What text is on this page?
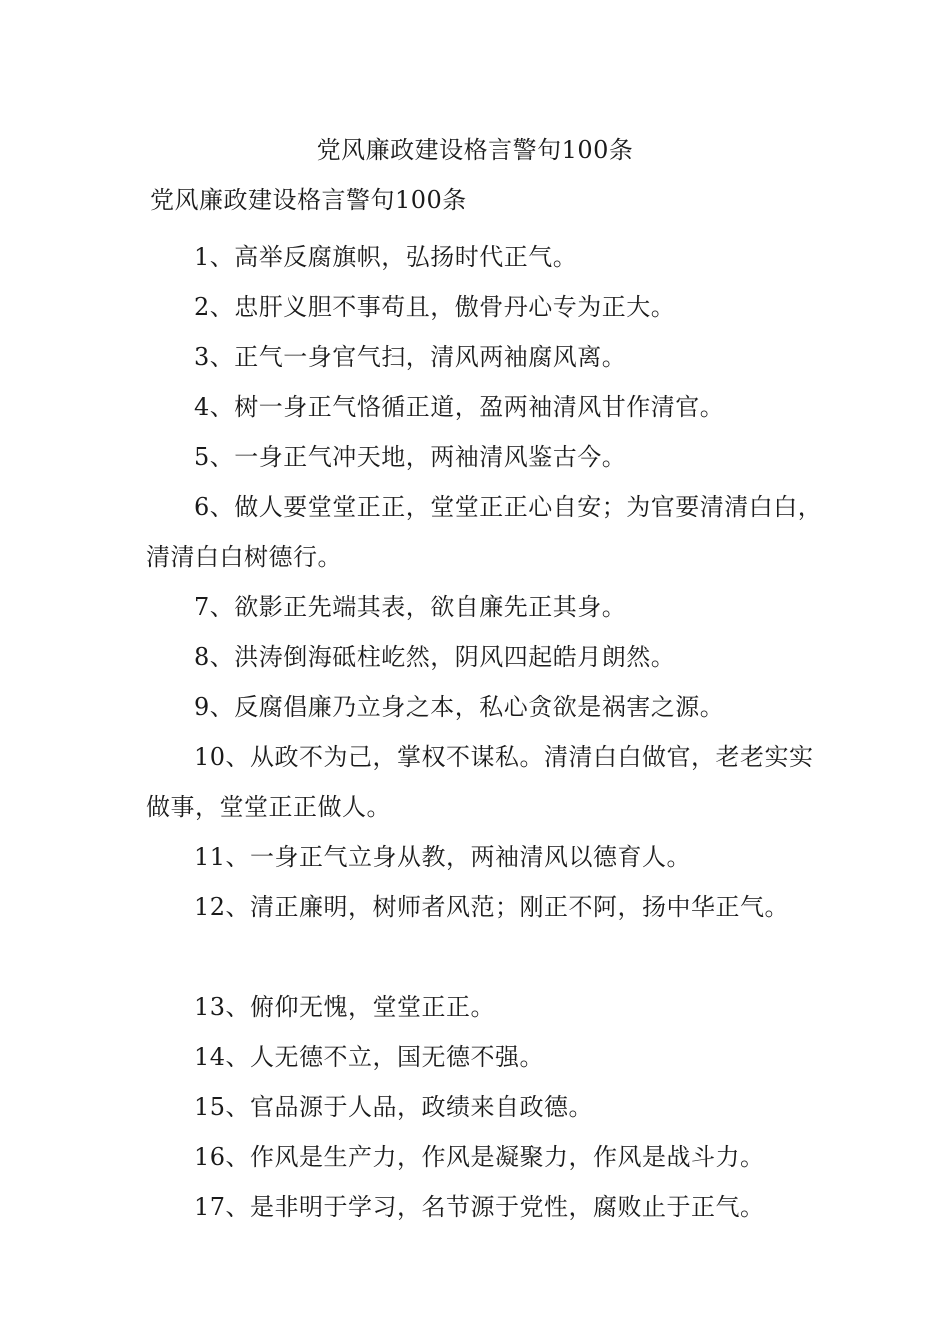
党风廉政建设格言警句100条

党风廉政建设格言警句100条

1、高举反腐旗帜，弘扬时代正气。

2、忠肝义胆不事苟且，傲骨丹心专为正大。

3、正气一身官气扫，清风两袖腐风离。

4、树一身正气恪循正道，盈两袖清风甘作清官。

5、一身正气冲天地，两袖清风鉴古今。

6、做人要堂堂正正，堂堂正正心自安；为官要清清白白，清清白白树德行。

7、欲影正先端其表，欲自廉先正其身。

8、洪涛倒海砥柱屹然，阴风四起皓月朗然。

9、反腐倡廉乃立身之本，私心贪欲是祸害之源。

10、从政不为己，掌权不谋私。清清白白做官，老老实实做事，堂堂正正做人。

11、一身正气立身从教，两袖清风以德育人。

12、清正廉明，树师者风范；刚正不阿，扬中华正气。

13、俯仰无愧，堂堂正正。

14、人无德不立，国无德不强。

15、官品源于人品，政绩来自政德。

16、作风是生产力，作风是凝聚力，作风是战斗力。

17、是非明于学习，名节源于党性，腐败止于正气。
